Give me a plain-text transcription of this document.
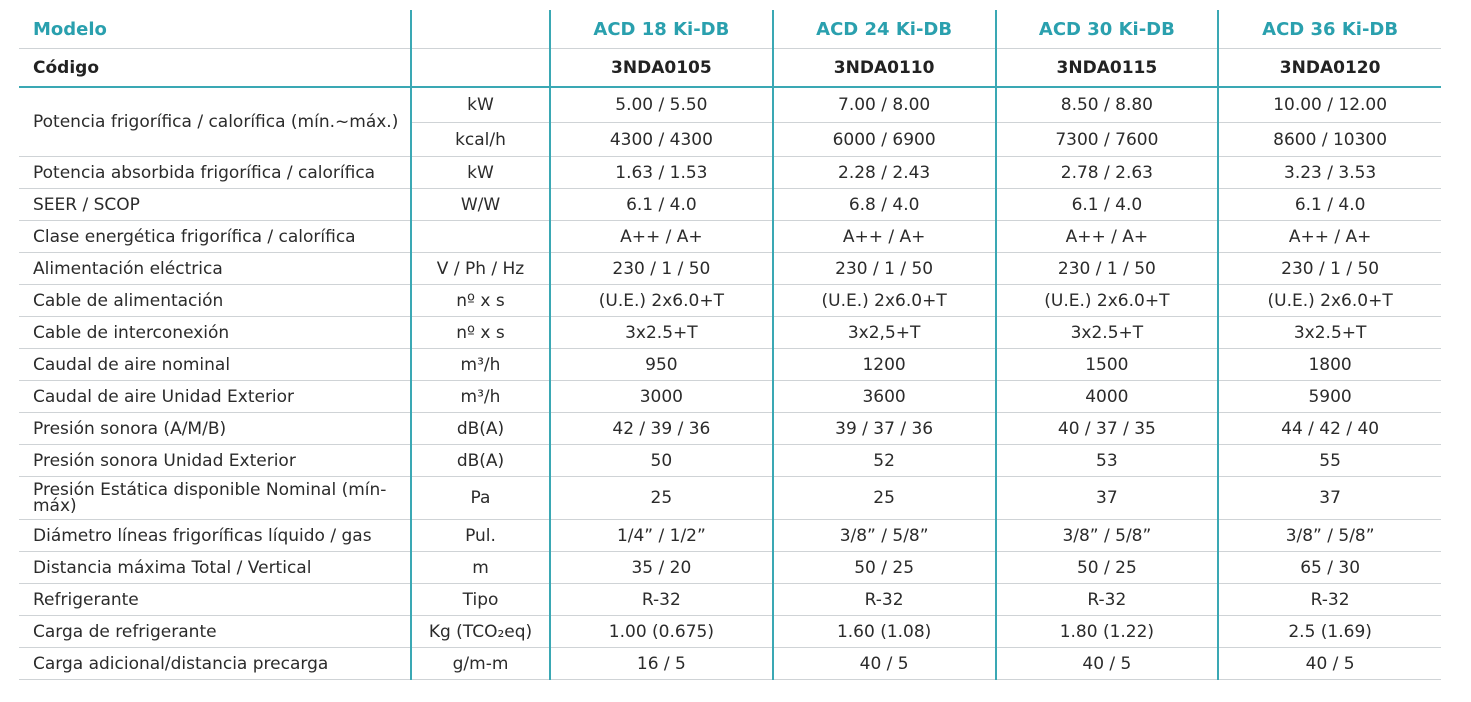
Modelo		ACD 18 Ki-DB	ACD 24 Ki-DB	ACD 30 Ki-DB	ACD 36 Ki-DB
Código		3NDA0105	3NDA0110	3NDA0115	3NDA0120
Potencia frigorífica / calorífica (mín.~máx.)	kW	5.00 / 5.50	7.00 / 8.00	8.50 / 8.80	10.00 / 12.00
	kcal/h	4300 / 4300	6000 / 6900	7300 / 7600	8600 / 10300
Potencia absorbida frigorífica / calorífica	kW	1.63 / 1.53	2.28 / 2.43	2.78 / 2.63	3.23 / 3.53
SEER / SCOP	W/W	6.1 / 4.0	6.8 / 4.0	6.1 / 4.0	6.1 / 4.0
Clase energética frigorífica / calorífica		A++ / A+	A++ / A+	A++ / A+	A++ / A+
Alimentación eléctrica	V / Ph / Hz	230 / 1 / 50	230 / 1 / 50	230 / 1 / 50	230 / 1 / 50
Cable de alimentación	nº x s	(U.E.) 2x6.0+T	(U.E.) 2x6.0+T	(U.E.) 2x6.0+T	(U.E.) 2x6.0+T
Cable de interconexión	nº x s	3x2.5+T	3x2,5+T	3x2.5+T	3x2.5+T
Caudal de aire nominal	m³/h	950	1200	1500	1800
Caudal de aire Unidad Exterior	m³/h	3000	3600	4000	5900
Presión sonora (A/M/B)	dB(A)	42 / 39 / 36	39 / 37 / 36	40 / 37 / 35	44 / 42 / 40
Presión sonora Unidad Exterior	dB(A)	50	52	53	55
Presión Estática disponible Nominal (mín-máx)	Pa	25	25	37	37
Diámetro líneas frigoríficas líquido / gas	Pul.	1/4” / 1/2”	3/8” / 5/8”	3/8” / 5/8”	3/8” / 5/8”
Distancia máxima Total / Vertical	m	35 / 20	50 / 25	50 / 25	65 / 30
Refrigerante	Tipo	R-32	R-32	R-32	R-32
Carga de refrigerante	Kg (TCO₂eq)	1.00 (0.675)	1.60 (1.08)	1.80 (1.22)	2.5 (1.69)
Carga adicional/distancia precarga	g/m-m	16 / 5	40 / 5	40 / 5	40 / 5
